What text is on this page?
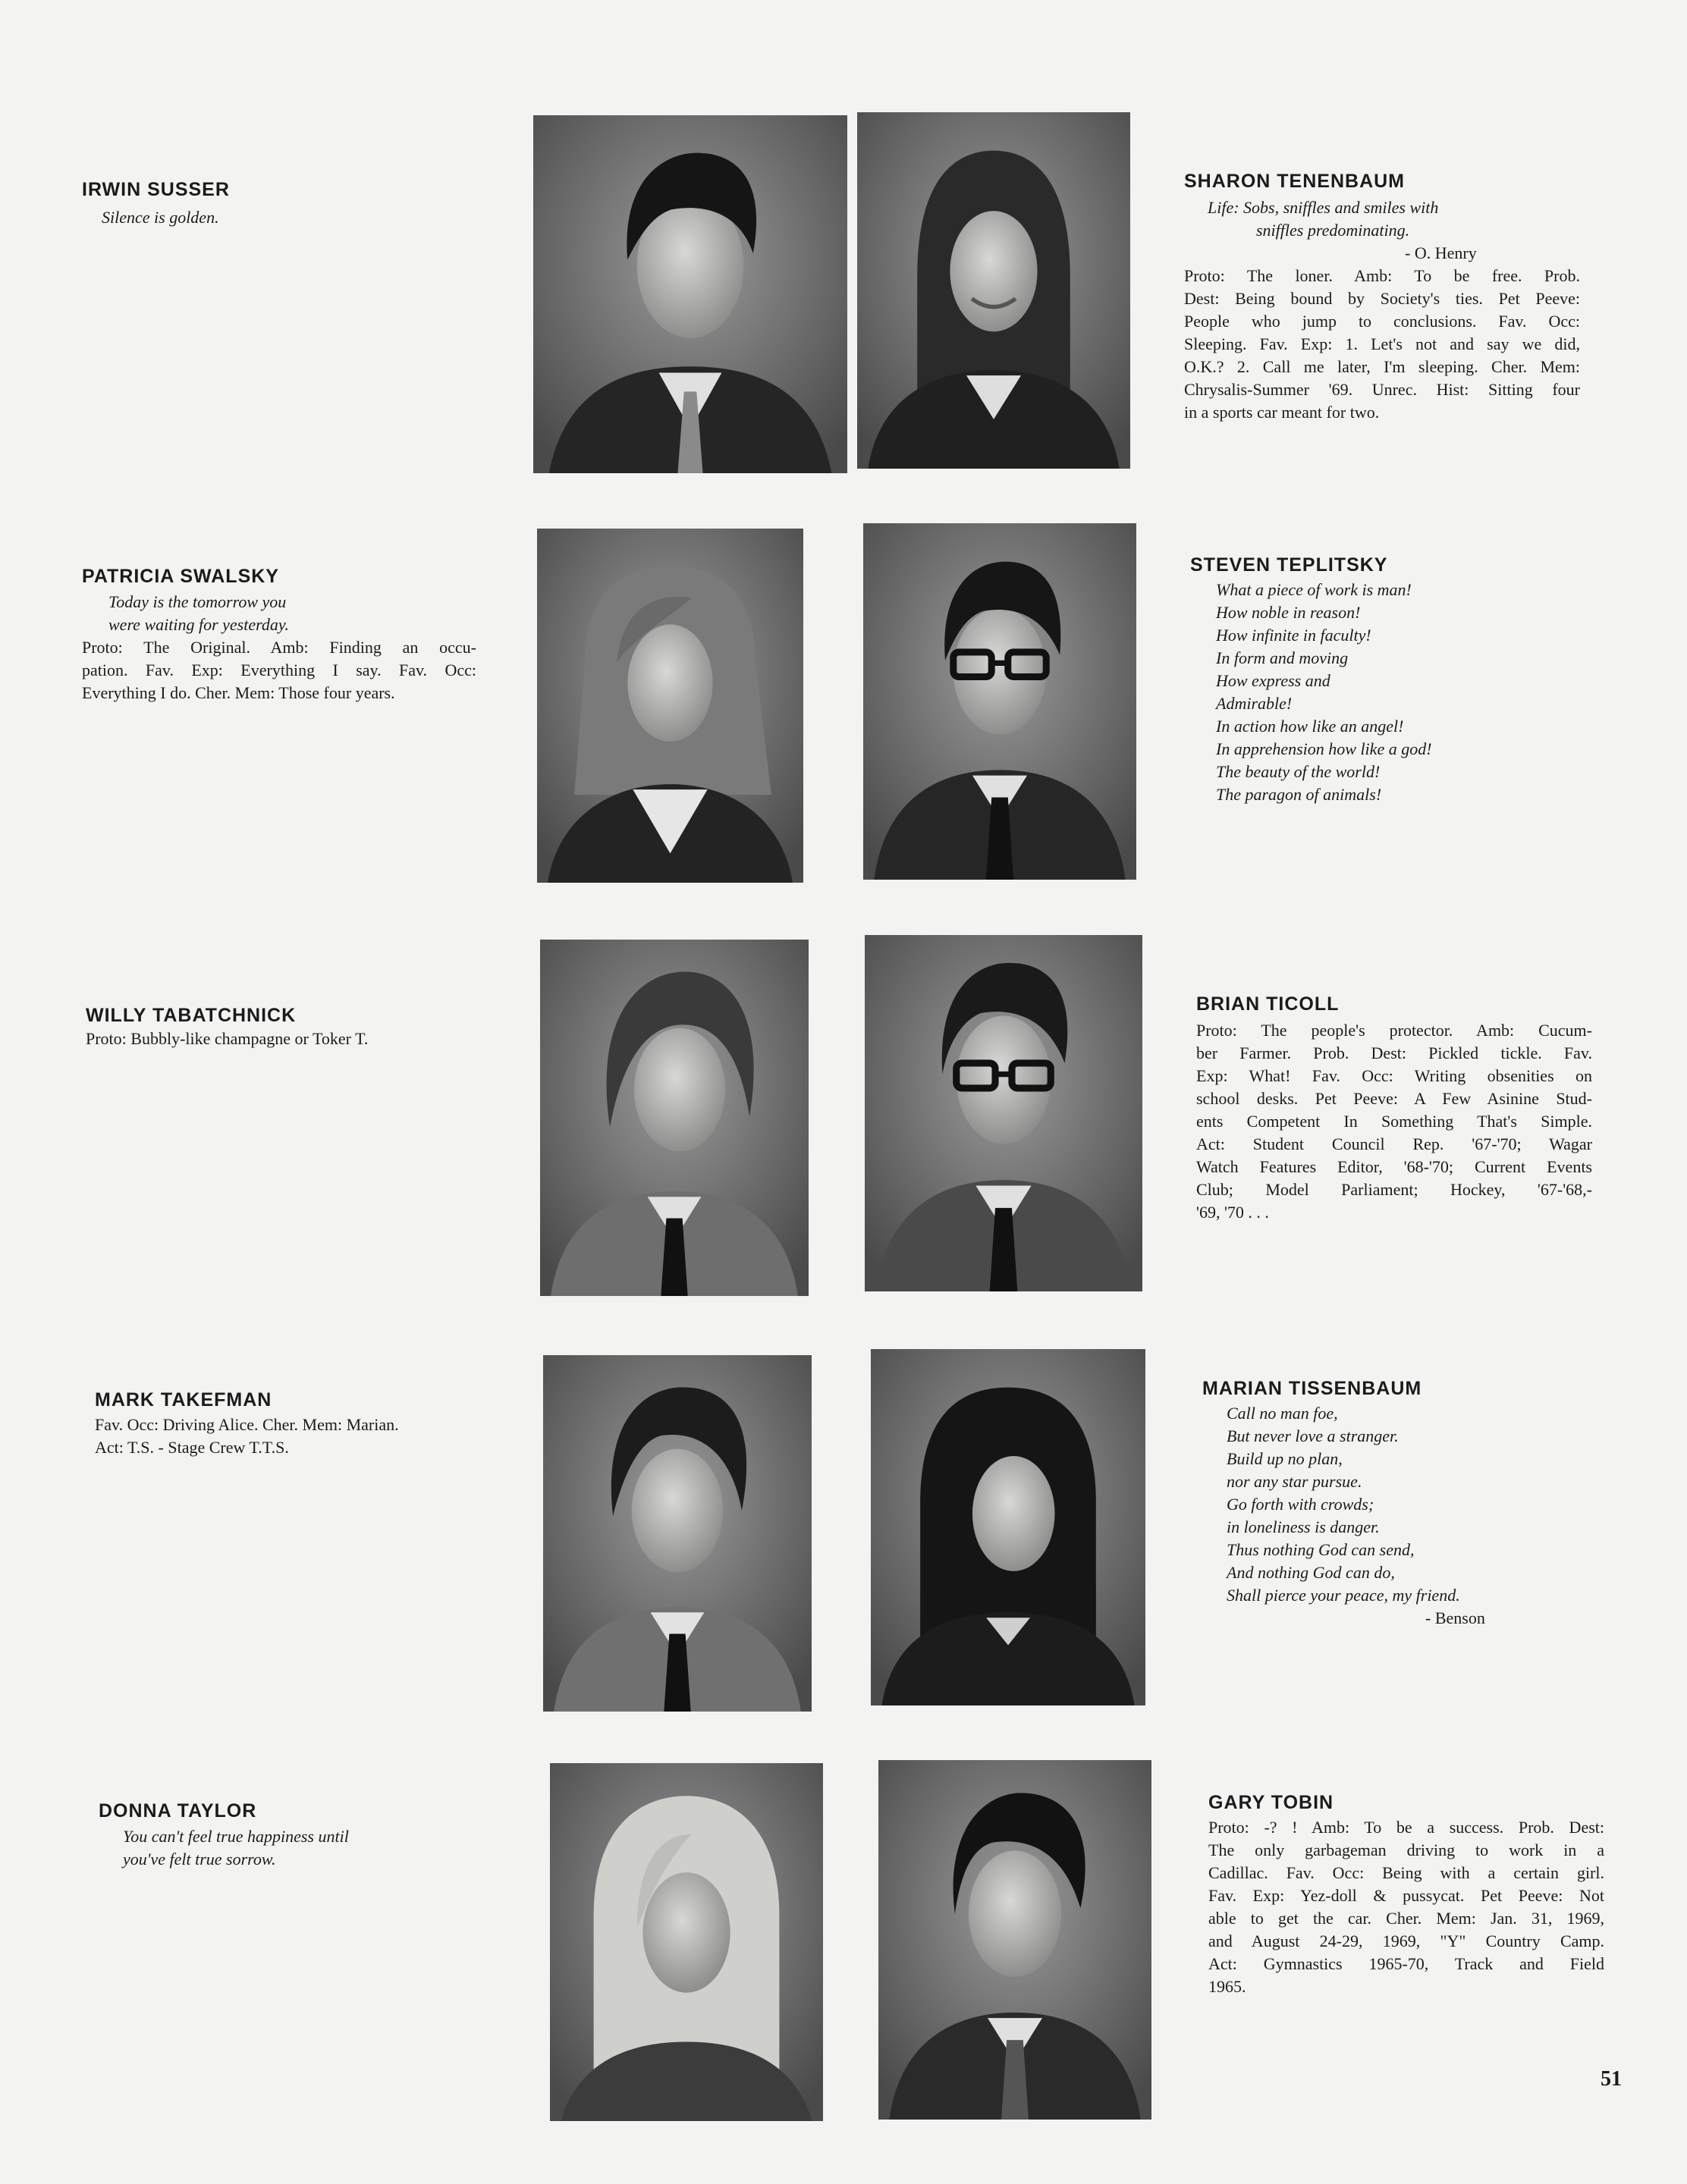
IRWIN SUSSER
Silence is golden.
SHARON TENENBAUM
Life: Sobs, sniffles and smiles with
sniffles predominating.
- O. Henry
Proto: The loner. Amb: To be free. Prob.
Dest: Being bound by Society's ties. Pet Peeve:
People who jump to conclusions. Fav. Occ:
Sleeping. Fav. Exp: 1. Let's not and say we did,
O.K.? 2. Call me later, I'm sleeping. Cher. Mem:
Chrysalis-Summer '69. Unrec. Hist: Sitting four
in a sports car meant for two.
PATRICIA SWALSKY
Today is the tomorrow you
were waiting for yesterday.
Proto: The Original. Amb: Finding an occu-
pation. Fav. Exp: Everything I say. Fav. Occ:
Everything I do. Cher. Mem: Those four years.
STEVEN TEPLITSKY
What a piece of work is man!
How noble in reason!
How infinite in faculty!
In form and moving
How express and
Admirable!
In action how like an angel!
In apprehension how like a god!
The beauty of the world!
The paragon of animals!
WILLY TABATCHNICK
Proto: Bubbly-like champagne or Toker T.
BRIAN TICOLL
Proto: The people's protector. Amb: Cucum-
ber Farmer. Prob. Dest: Pickled tickle. Fav.
Exp: What! Fav. Occ: Writing obsenities on
school desks. Pet Peeve: A Few Asinine Stud-
ents Competent In Something That's Simple.
Act: Student Council Rep. '67-'70; Wagar
Watch Features Editor, '68-'70; Current Events
Club; Model Parliament; Hockey, '67-'68,-
'69, '70 . . .
MARK TAKEFMAN
Fav. Occ: Driving Alice. Cher. Mem: Marian.
Act: T.S. - Stage Crew T.T.S.
MARIAN TISSENBAUM
Call no man foe,
But never love a stranger.
Build up no plan,
nor any star pursue.
Go forth with crowds;
in loneliness is danger.
Thus nothing God can send,
And nothing God can do,
Shall pierce your peace, my friend.
- Benson
DONNA TAYLOR
You can't feel true happiness until
you've felt true sorrow.
GARY TOBIN
Proto: -? ! Amb: To be a success. Prob. Dest:
The only garbageman driving to work in a
Cadillac. Fav. Occ: Being with a certain girl.
Fav. Exp: Yez-doll & pussycat. Pet Peeve: Not
able to get the car. Cher. Mem: Jan. 31, 1969,
and August 24-29, 1969, "Y" Country Camp.
Act: Gymnastics 1965-70, Track and Field
1965.
51
